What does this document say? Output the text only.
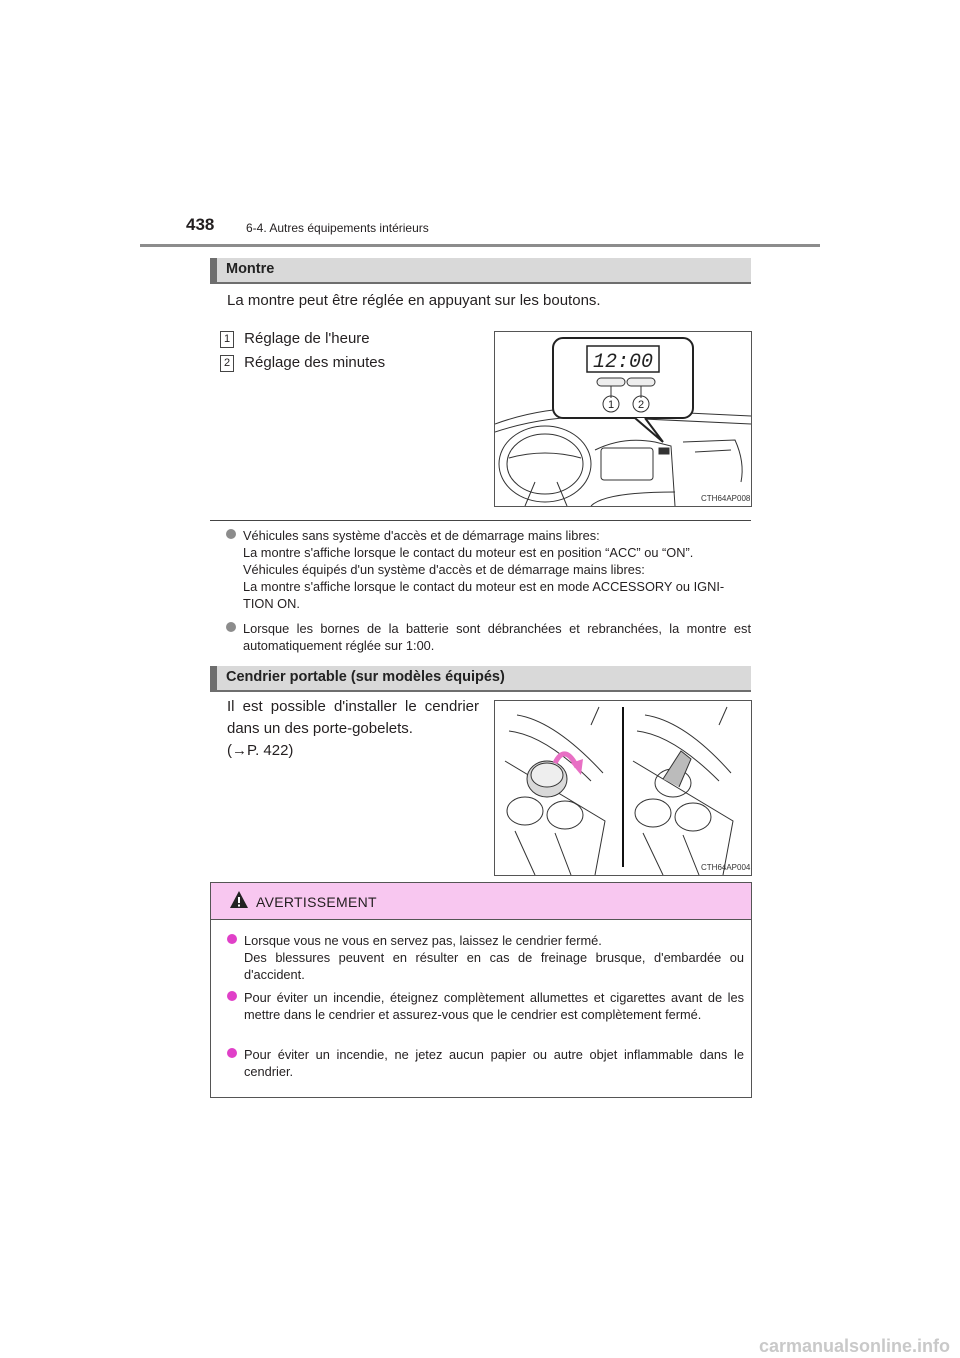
438	6-4. Autres équipements intérieurs
Montre
La montre peut être réglée en appuyant sur les boutons.
1 Réglage de l'heure
2 Réglage des minutes	12:00
1 2
CTH64AP008
Véhicules sans système d'accès et de démarrage mains libres:
La montre s'affiche lorsque le contact du moteur est en position “ACC” ou “ON”.
Véhicules équipés d'un système d'accès et de démarrage mains libres:
La montre s'affiche lorsque le contact du moteur est en mode ACCESSORY ou IGNI-
TION ON.
Lorsque les bornes de la batterie sont débranchées et rebranchées, la montre est automatiquement réglée sur 1:00.
Cendrier portable (sur modèles équipés)
Il est possible d'installer le cendrier dans un des porte-gobelets.
(→P. 422)
CTH64AP004
AVERTISSEMENT
Lorsque vous ne vous en servez pas, laissez le cendrier fermé.
Des blessures peuvent en résulter en cas de freinage brusque, d'embardée ou d'accident.
Pour éviter un incendie, éteignez complètement allumettes et cigarettes avant de les mettre dans le cendrier et assurez-vous que le cendrier est complètement fermé.
Pour éviter un incendie, ne jetez aucun papier ou autre objet inflammable dans le cendrier.
carmanualsonline.info
